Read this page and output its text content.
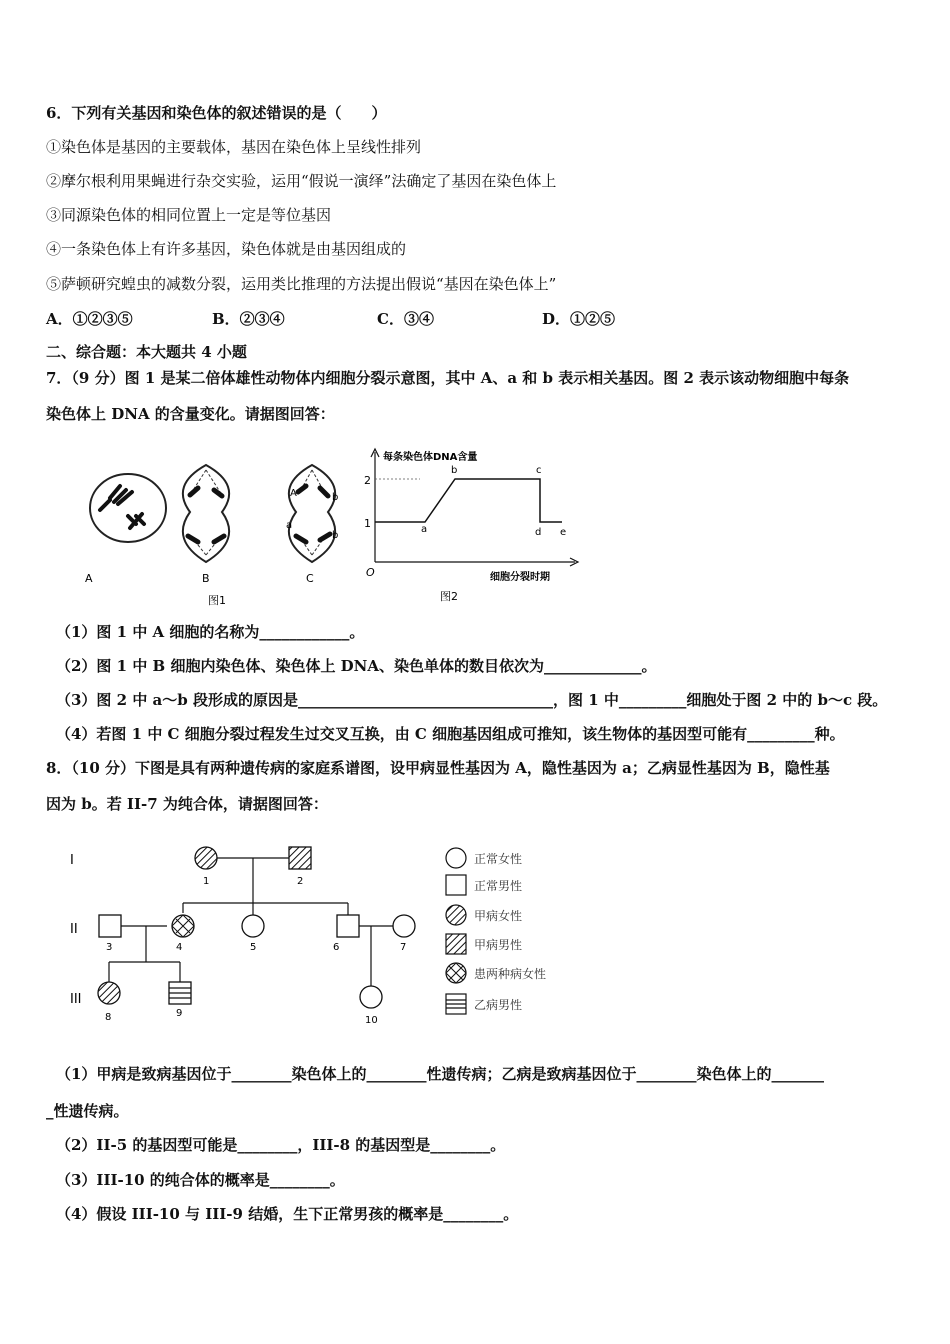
6．下列有关基因和染色体的叙述错误的是（　　）
①染色体是基因的主要载体，基因在染色体上呈线性排列
②摩尔根利用果蝇进行杂交实验，运用“假说一演绎”法确定了基因在染色体上
③同源染色体的相同位置上一定是等位基因
④一条染色体上有许多基因，染色体就是由基因组成的
⑤萨顿研究蝗虫的减数分裂，运用类比推理的方法提出假说“基因在染色体上”
A．①②③⑤	B．②③④	C．③④	D．①②⑤
二、综合题：本大题共 4 小题
7．（9 分）图 1 是某二倍体雄性动物体内细胞分裂示意图，其中 A、a 和 b 表示相关基因。图 2 表示该动物细胞中每条
染色体上 DNA 的含量变化。请据图回答：
A	B
A
a
b
b
C
图1
每条染色体DNA含量
2
1
O
a
b	c
d e
细胞分裂时期
图2
（1）图 1 中 A 细胞的名称为____________。
（2）图 1 中 B 细胞内染色体、染色体上 DNA、染色单体的数目依次为_____________。
（3）图 2 中 a～b 段形成的原因是__________________________________，图 1 中_________细胞处于图 2 中的 b～c 段。
（4）若图 1 中 C 细胞分裂过程发生过交叉互换，由 C 细胞基因组成可推知，该生物体的基因型可能有_________种。
8．（10 分）下图是具有两种遗传病的家庭系谱图，设甲病显性基因为 A，隐性基因为 a；乙病显性基因为 B，隐性基
因为 b。若 II-7 为纯合体，请据图回答：
I
II
III
1	2
3	4	5	6	7
8	9
10
正常女性
正常男性
甲病女性
甲病男性
患两种病女性
乙病男性
（1）甲病是致病基因位于________染色体上的________性遗传病；乙病是致病基因位于________染色体上的_______
_性遗传病。
（2）II-5 的基因型可能是________，III-8 的基因型是________。
（3）III-10 的纯合体的概率是________。
（4）假设 III-10 与 III-9 结婚，生下正常男孩的概率是________。
